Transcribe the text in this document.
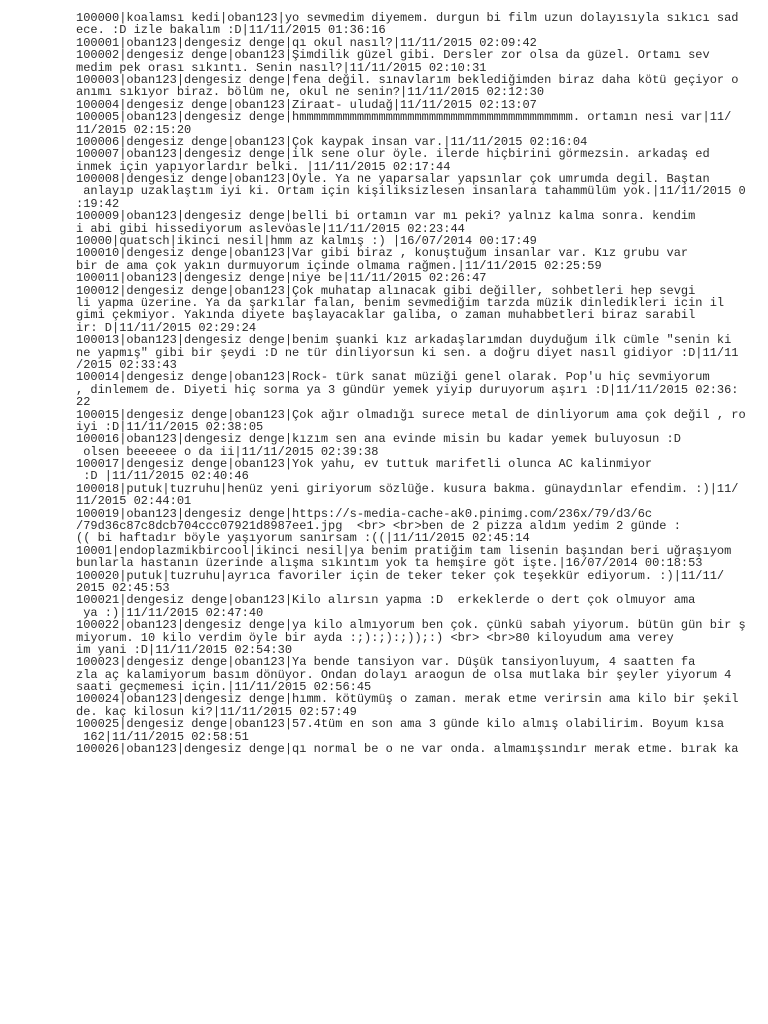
100000|koalamsı kedi|oban123|yo sevmedim diyemem. durgun bi film uzun dolayısıyla sıkıcı sad
ece. :D izle bakalım :D|11/11/2015 01:36:16
100001|oban123|dengesiz denge|qı okul nasıl?|11/11/2015 02:09:42
100002|dengesiz denge|oban123|Şimdilik güzel gibi. Dersler zor olsa da güzel. Ortamı sev
medim pek orası sıkıntı. Senin nasıl?|11/11/2015 02:10:31
100003|oban123|dengesiz denge|fena değil. sınavlarım beklediğimden biraz daha kötü geçiyor o
anımı sıkıyor biraz. bölüm ne, okul ne senin?|11/11/2015 02:12:30
100004|dengesiz denge|oban123|Ziraat- uludağ|11/11/2015 02:13:07
100005|oban123|dengesiz denge|hmmmmmmmmmmmmmmmmmmmmmmmmmmmmmmmmmmmmmm. ortamın nesi var|11/
11/2015 02:15:20
100006|dengesiz denge|oban123|Çok kaypak insan var.|11/11/2015 02:16:04
100007|oban123|dengesiz denge|ilk sene olur öyle. ilerde hiçbirini görmezsin. arkadaş ed
inmek için yapıyorlardır belki. |11/11/2015 02:17:44
100008|dengesiz denge|oban123|Öyle. Ya ne yaparsalar yapsınlar çok umrumda degil. Baştan
anlayıp uzaklaştım iyi ki. Ortam için kişiliksizlesen insanlara tahammülüm yok.|11/11/2015 0
:19:42
100009|oban123|dengesiz denge|belli bi ortamın var mı peki? yalnız kalma sonra. kendim
i abi gibi hissediyorum aslevöasle|11/11/2015 02:23:44
10000|quatsch|ikinci nesil|hmm az kalmış :) |16/07/2014 00:17:49
100010|dengesiz denge|oban123|Var gibi biraz , konuştuğum insanlar var. Kız grubu var
bir de ama çok yakın durmuyorum içinde olmama rağmen.|11/11/2015 02:25:59
100011|oban123|dengesiz denge|niye be|11/11/2015 02:26:47
100012|dengesiz denge|oban123|Çok muhatap alınacak gibi değiller, sohbetleri hep sevgi
li yapma üzerine. Ya da şarkılar falan, benim sevmediğim tarzda müzik dinledikleri icin il
gimi çekmiyor. Yakında diyete başlayacaklar galiba, o zaman muhabbetleri biraz sarabil
ir: D|11/11/2015 02:29:24
100013|oban123|dengesiz denge|benim şuanki kız arkadaşlarımdan duyduğum ilk cümle "senin ki
ne yapmış" gibi bir şeydi :D ne tür dinliyorsun ki sen. a doğru diyet nasıl gidiyor :D|11/11
/2015 02:33:43
100014|dengesiz denge|oban123|Rock- türk sanat müziği genel olarak. Pop'u hiç sevmiyorum
, dinlemem de. Diyeti hiç sorma ya 3 gündür yemek yiyip duruyorum aşırı :D|11/11/2015 02:36:
22
100015|dengesiz denge|oban123|Çok ağır olmadığı surece metal de dinliyorum ama çok değil , ro
iyi :D|11/11/2015 02:38:05
100016|oban123|dengesiz denge|kızım sen ana evinde misin bu kadar yemek buluyosun :D
olsen beeeeee o da ii|11/11/2015 02:39:38
100017|dengesiz denge|oban123|Yok yahu, ev tuttuk marifetli olunca AC kalinmiyor
:D |11/11/2015 02:40:46
100018|putuk|tuzruhu|henüz yeni giriyorum sözlüğe. kusura bakma. günaydınlar efendim. :)|11/
11/2015 02:44:01
100019|oban123|dengesiz denge|https://s-media-cache-ak0.pinimg.com/236x/79/d3/6c
/79d36c87c8dcb704ccc07921d8987ee1.jpg  <br> <br>ben de 2 pizza aldım yedim 2 günde :
(( bi haftadır böyle yaşıyorum sanırsam :((|11/11/2015 02:45:14
10001|endoplazmikbircool|ikinci nesil|ya benim pratiğim tam lisenin başından beri uğraşıyom
bunlarla hastanın üzerinde alışma sıkıntım yok ta hemşire göt işte.|16/07/2014 00:18:53
100020|putuk|tuzruhu|ayrıca favoriler için de teker teker çok teşekkür ediyorum. :)|11/11/
2015 02:45:53
100021|dengesiz denge|oban123|Kilo alırsın yapma :D  erkeklerde o dert çok olmuyor ama
ya :)|11/11/2015 02:47:40
100022|oban123|dengesiz denge|ya kilo almıyorum ben çok. çünkü sabah yiyorum. bütün gün bir ş
miyorum. 10 kilo verdim öyle bir ayda :;):;):;));:) <br> <br>80 kiloyudum ama verey
im yani :D|11/11/2015 02:54:30
100023|dengesiz denge|oban123|Ya bende tansiyon var. Düşük tansiyonluyum, 4 saatten fa
zla aç kalamiyorum basım dönüyor. Ondan dolayı araogun de olsa mutlaka bir şeyler yiyorum 4
saati geçmemesi için.|11/11/2015 02:56:45
100024|oban123|dengesiz denge|hımm. kötüymüş o zaman. merak etme verirsin ama kilo bir şekil
de. kaç kilosun ki?|11/11/2015 02:57:49
100025|dengesiz denge|oban123|57.4tüm en son ama 3 günde kilo almış olabilirim. Boyum kısa
162|11/11/2015 02:58:51
100026|oban123|dengesiz denge|qı normal be o ne var onda. almamışsındır merak etme. bırak ka
